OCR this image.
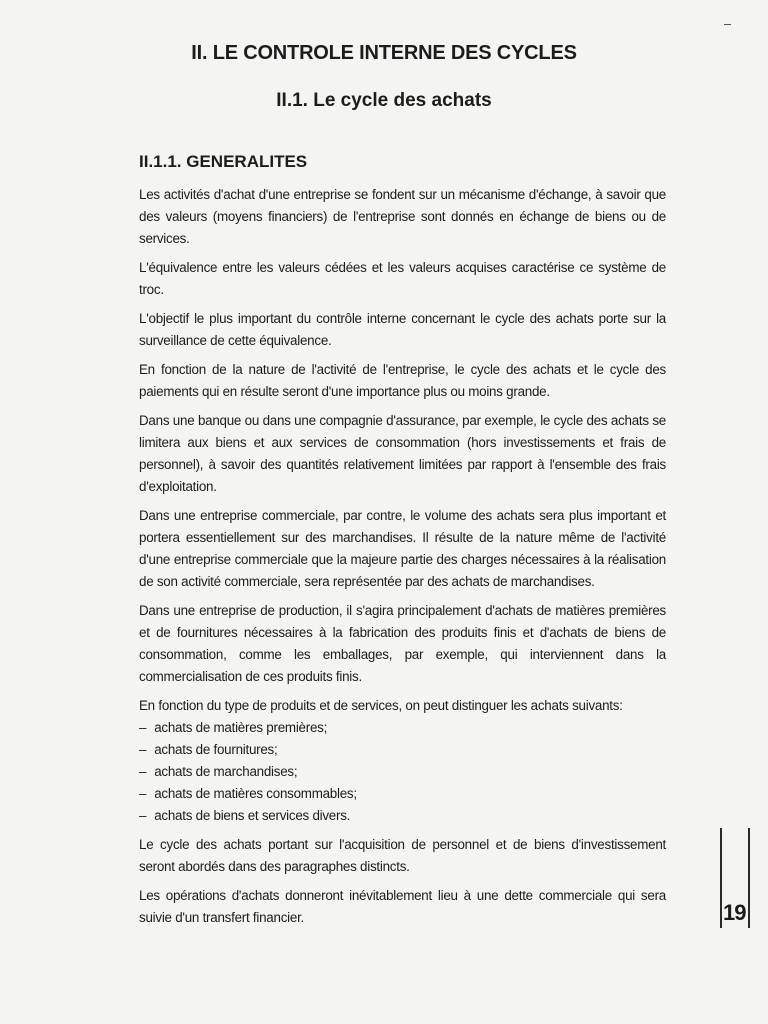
II. LE CONTROLE INTERNE DES CYCLES
II.1. Le cycle des achats
II.1.1. GENERALITES

Les activités d'achat d'une entreprise se fondent sur un mécanisme d'échange, à savoir que des valeurs (moyens financiers) de l'entreprise sont donnés en échange de biens ou de services.

L'équivalence entre les valeurs cédées et les valeurs acquises caractérise ce système de troc.

L'objectif le plus important du contrôle interne concernant le cycle des achats porte sur la surveillance de cette équivalence.

En fonction de la nature de l'activité de l'entreprise, le cycle des achats et le cycle des paiements qui en résulte seront d'une importance plus ou moins grande.

Dans une banque ou dans une compagnie d'assurance, par exemple, le cycle des achats se limitera aux biens et aux services de consommation (hors investissements et frais de personnel), à savoir des quantités relativement limitées par rapport à l'ensemble des frais d'exploitation.

Dans une entreprise commerciale, par contre, le volume des achats sera plus important et portera essentiellement sur des marchandises. Il résulte de la nature même de l'activité d'une entreprise commerciale que la majeure partie des charges nécessaires à la réalisation de son activité commerciale, sera représentée par des achats de marchandises.

Dans une entreprise de production, il s'agira principalement d'achats de matières premières et de fournitures nécessaires à la fabrication des produits finis et d'achats de biens de consommation, comme les emballages, par exemple, qui interviennent dans la commercialisation de ces produits finis.

En fonction du type de produits et de services, on peut distinguer les achats suivants:

– achats de matières premières;
– achats de fournitures;
– achats de marchandises;
– achats de matières consommables;
– achats de biens et services divers.

Le cycle des achats portant sur l'acquisition de personnel et de biens d'investissement seront abordés dans des paragraphes distincts.

Les opérations d'achats donneront inévitablement lieu à une dette commerciale qui sera suivie d'un transfert financier.	19
